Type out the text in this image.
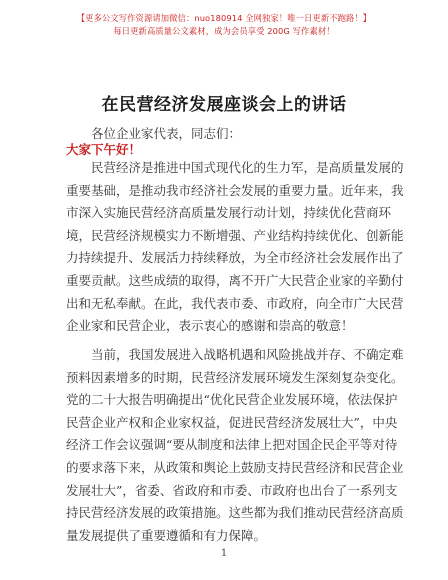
【更多公文写作资源请加微信：nuo180914 全网独家！唯一日更新不跑路！】
每日更新高质量公文素材，成为会员享受 200G 写作素材！
在民营经济发展座谈会上的讲话
各位企业家代表，同志们：
大家下午好！
　　民营经济是推进中国式现代化的生力军，是高质量发展的
重要基础，是推动我市经济社会发展的重要力量。近年来，我
市深入实施民营经济高质量发展行动计划，持续优化营商环
境，民营经济规模实力不断增强、产业结构持续优化、创新能
力持续提升、发展活力持续释放，为全市经济社会发展作出了
重要贡献。这些成绩的取得，离不开广大民营企业家的辛勤付
出和无私奉献。在此，我代表市委、市政府，向全市广大民营
企业家和民营企业，表示衷心的感谢和崇高的敬意！
　　当前，我国发展进入战略机遇和风险挑战并存、不确定难
预料因素增多的时期，民营经济发展环境发生深刻复杂变化。
党的二十大报告明确提出“优化民营企业发展环境，依法保护
民营企业产权和企业家权益，促进民营经济发展壮大”，中央
经济工作会议强调“要从制度和法律上把对国企民企平等对待
的要求落下来，从政策和舆论上鼓励支持民营经济和民营企业
发展壮大”，省委、省政府和市委、市政府也出台了一系列支
持民营经济发展的政策措施。这些都为我们推动民营经济高质
量发展提供了重要遵循和有力保障。
1
